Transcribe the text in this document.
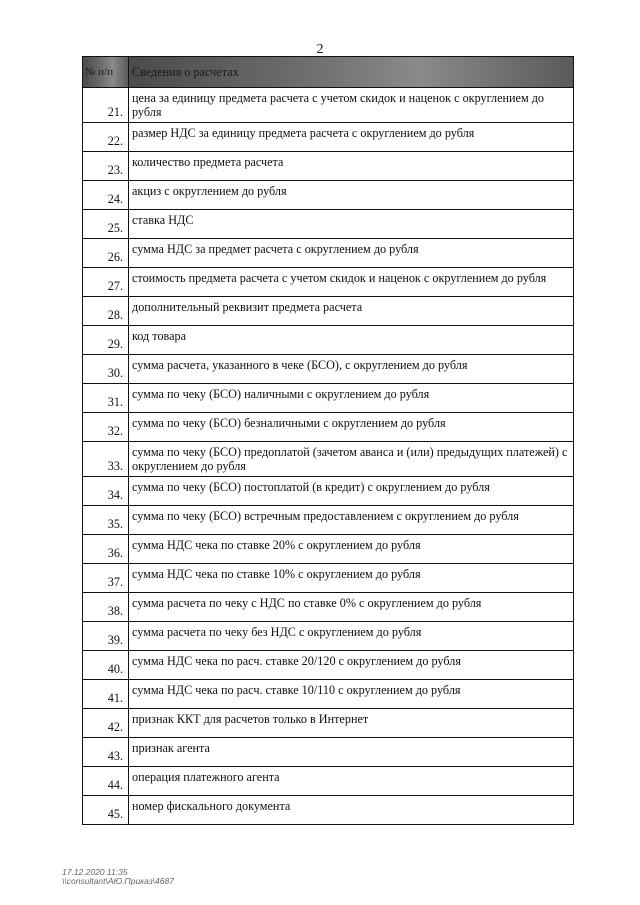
2
№ п/п	Сведения о расчетах
21.	цена за единицу предмета расчета с учетом скидок и наценок с округлением до рубля
22.	размер НДС за единицу предмета расчета с округлением до рубля
23.	количество предмета расчета
24.	акциз с округлением до рубля
25.	ставка НДС
26.	сумма НДС за предмет расчета с округлением до рубля
27.	стоимость предмета расчета с учетом скидок и наценок с округлением до рубля
28.	дополнительный реквизит предмета расчета
29.	код товара
30.	сумма расчета, указанного в чеке (БСО), с округлением до рубля
31.	сумма по чеку (БСО) наличными с округлением до рубля
32.	сумма по чеку (БСО) безналичными с округлением до рубля
33.	сумма по чеку (БСО) предоплатой (зачетом аванса и (или) предыдущих платежей) с округлением до рубля
34.	сумма по чеку (БСО) постоплатой (в кредит) с округлением до рубля
35.	сумма по чеку (БСО) встречным предоставлением с округлением до рубля
36.	сумма НДС чека по ставке 20% с округлением до рубля
37.	сумма НДС чека по ставке 10% с округлением до рубля
38.	сумма расчета по чеку с НДС по ставке 0% с округлением до рубля
39.	сумма расчета по чеку без НДС с округлением до рубля
40.	сумма НДС чека по расч. ставке 20/120 с округлением до рубля
41.	сумма НДС чека по расч. ставке 10/110 с округлением до рубля
42.	признак ККТ для расчетов только в Интернет
43.	признак агента
44.	операция платежного агента
45.	номер фискального документа
17.12.2020 11:35
\\consultant\АЮ.Приказ\4687
